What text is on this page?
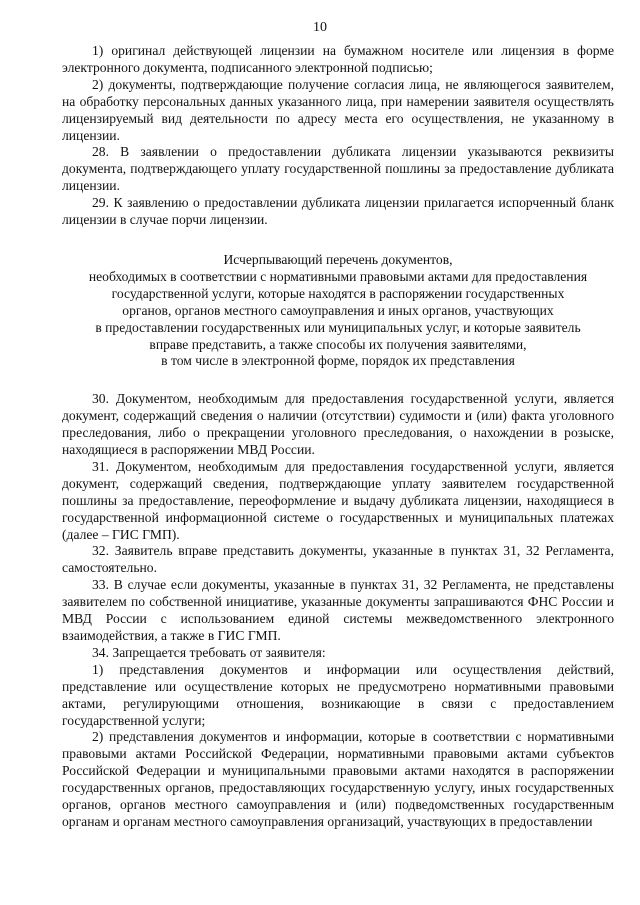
10

1) оригинал действующей лицензии на бумажном носителе или лицензия в форме электронного документа, подписанного электронной подписью;

2) документы, подтверждающие получение согласия лица, не являющегося заявителем, на обработку персональных данных указанного лица, при намерении заявителя осуществлять лицензируемый вид деятельности по адресу места его осуществления, не указанному в лицензии.

28. В заявлении о предоставлении дубликата лицензии указываются реквизиты документа, подтверждающего уплату государственной пошлины за предоставление дубликата лицензии.

29. К заявлению о предоставлении дубликата лицензии прилагается испорченный бланк лицензии в случае порчи лицензии.

Исчерпывающий перечень документов,
необходимых в соответствии с нормативными правовыми актами для предоставления
государственной услуги, которые находятся в распоряжении государственных
органов, органов местного самоуправления и иных органов, участвующих
в предоставлении государственных или муниципальных услуг, и которые заявитель
вправе представить, а также способы их получения заявителями,
в том числе в электронной форме, порядок их представления

30. Документом, необходимым для предоставления государственной услуги, является документ, содержащий сведения о наличии (отсутствии) судимости и (или) факта уголовного преследования, либо о прекращении уголовного преследования, о нахождении в розыске, находящиеся в распоряжении МВД России.

31. Документом, необходимым для предоставления государственной услуги, является документ, содержащий сведения, подтверждающие уплату заявителем государственной пошлины за предоставление, переоформление и выдачу дубликата лицензии, находящиеся в государственной информационной системе о государственных и муниципальных платежах (далее – ГИС ГМП).

32. Заявитель вправе представить документы, указанные в пунктах 31, 32 Регламента, самостоятельно.

33. В случае если документы, указанные в пунктах 31, 32 Регламента, не представлены заявителем по собственной инициативе, указанные документы запрашиваются ФНС России и МВД России с использованием единой системы межведомственного электронного взаимодействия, а также в ГИС ГМП.

34. Запрещается требовать от заявителя:

1) представления документов и информации или осуществления действий, представление или осуществление которых не предусмотрено нормативными правовыми актами, регулирующими отношения, возникающие в связи с предоставлением государственной услуги;

2) представления документов и информации, которые в соответствии с нормативными правовыми актами Российской Федерации, нормативными правовыми актами субъектов Российской Федерации и муниципальными правовыми актами находятся в распоряжении государственных органов, предоставляющих государственную услугу, иных государственных органов, органов местного самоуправления и (или) подведомственных государственным органам и органам местного самоуправления организаций, участвующих в предоставлении
